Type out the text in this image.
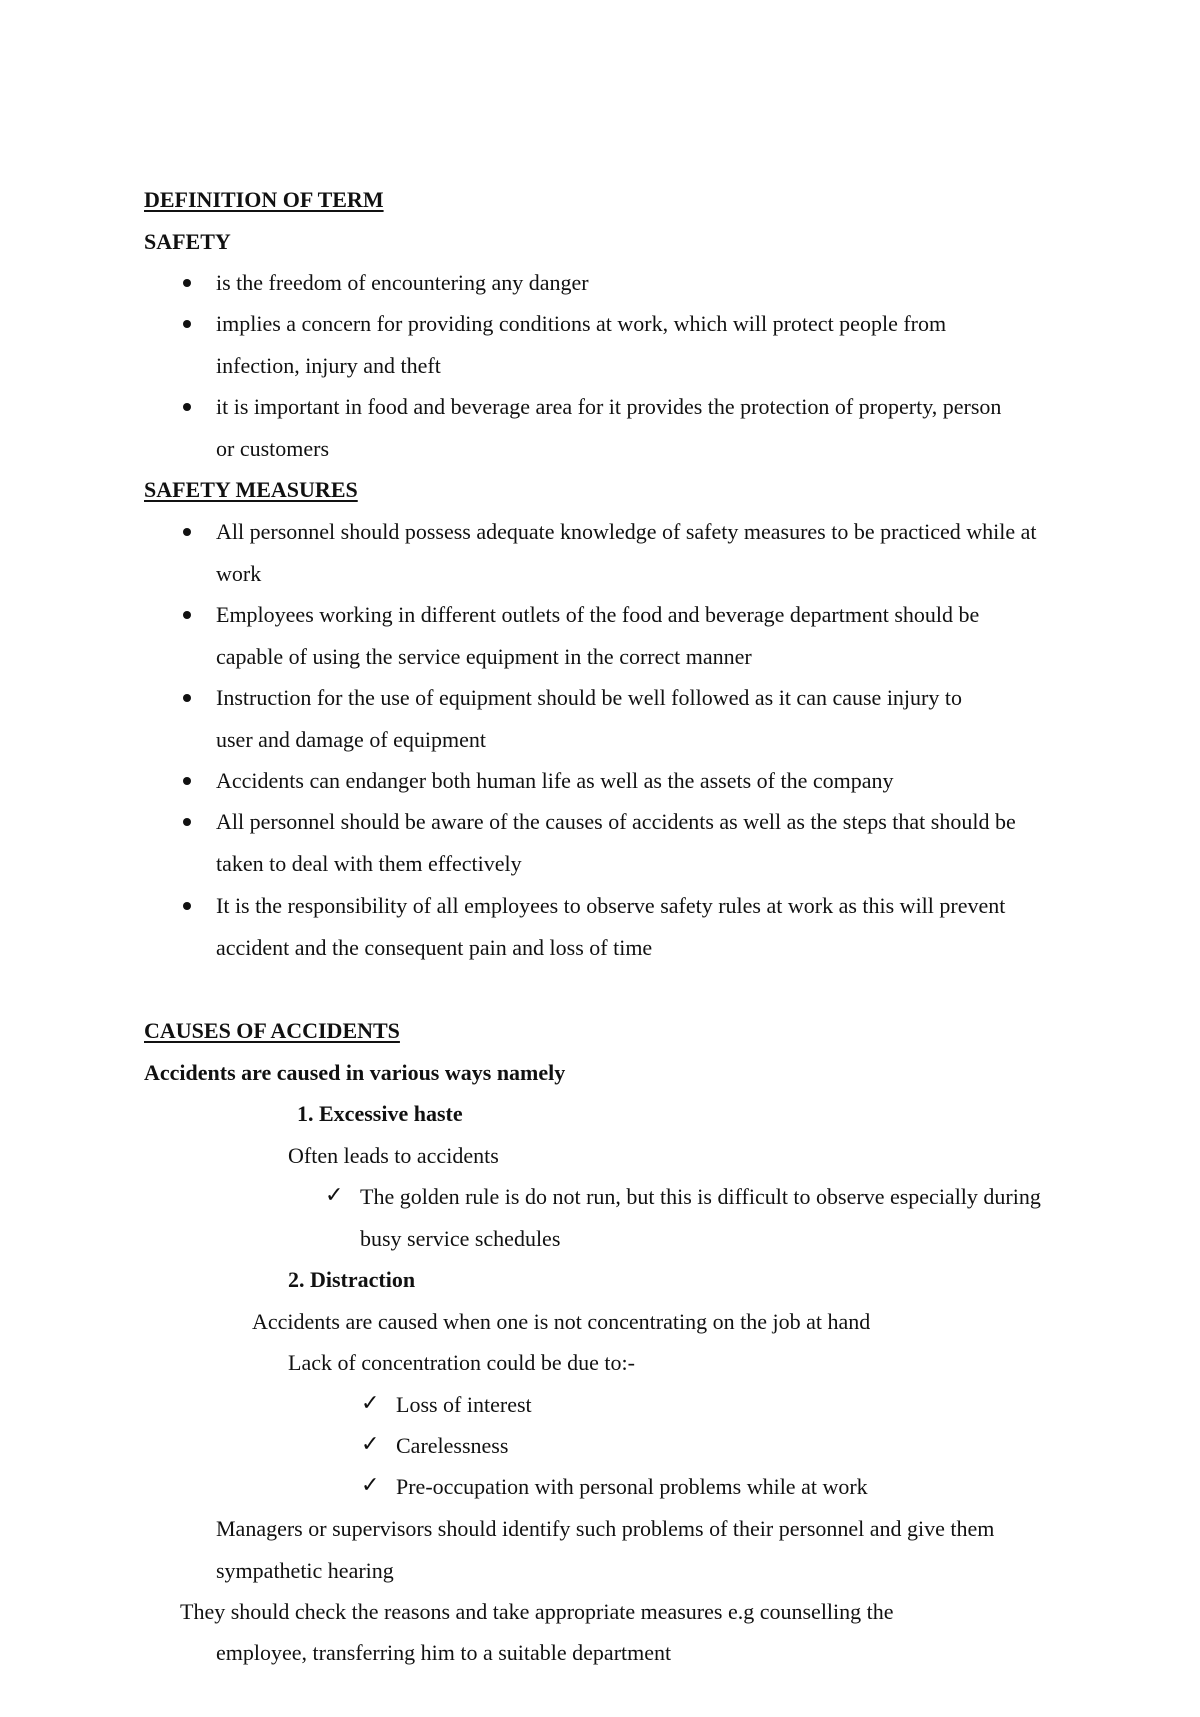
DEFINITION OF TERM
SAFETY
is the freedom of encountering any danger
implies a concern for providing conditions at work, which will protect people from
infection, injury and theft
it is important in food and beverage area for it provides the protection of property, person
or customers
SAFETY MEASURES
All personnel should possess adequate knowledge of safety measures to be practiced while at
work
Employees working in different outlets of the food and beverage department should be
capable of using the service equipment in the correct manner
Instruction for the use of equipment should be well followed as it can cause injury to
user and damage of equipment
Accidents can endanger both human life as well as the assets of the company
All personnel should be aware of the causes of accidents as well as the steps that should be
taken to deal with them effectively
It is the responsibility of all employees to observe safety rules at work as this will prevent
accident and the consequent pain and loss of time
CAUSES OF ACCIDENTS
Accidents are caused in various ways namely
1. Excessive haste
Often leads to accidents
✓ The golden rule is do not run, but this is difficult to observe especially during
busy service schedules
2. Distraction
Accidents are caused when one is not concentrating on the job at hand
Lack of concentration could be due to:-
✓ Loss of interest
✓ Carelessness
✓ Pre-occupation with personal problems while at work
Managers or supervisors should identify such problems of their personnel and give them
sympathetic hearing
They should check the reasons and take appropriate measures e.g counselling the
employee, transferring him to a suitable department
